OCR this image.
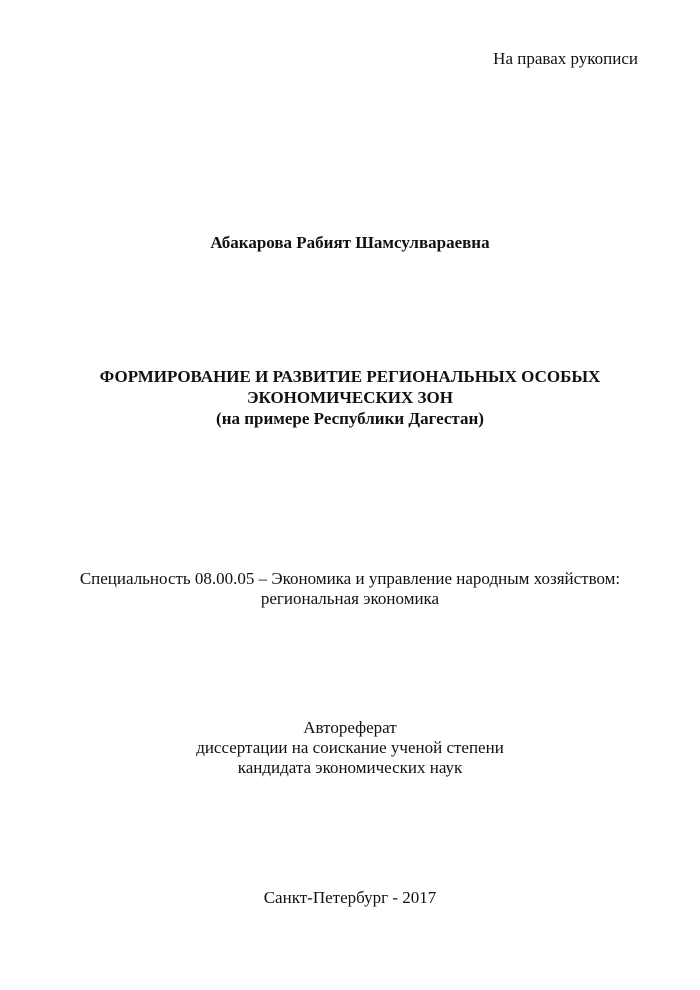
На правах рукописи

Абакарова Рабият Шамсулвараевна

ФОРМИРОВАНИЕ И РАЗВИТИЕ РЕГИОНАЛЬНЫХ ОСОБЫХ
ЭКОНОМИЧЕСКИХ ЗОН
(на примере Республики Дагестан)
Специальность 08.00.05 – Экономика и управление народным хозяйством:
региональная экономика
Автореферат
диссертации на соискание ученой степени
кандидата экономических наук

Санкт-Петербург - 2017
